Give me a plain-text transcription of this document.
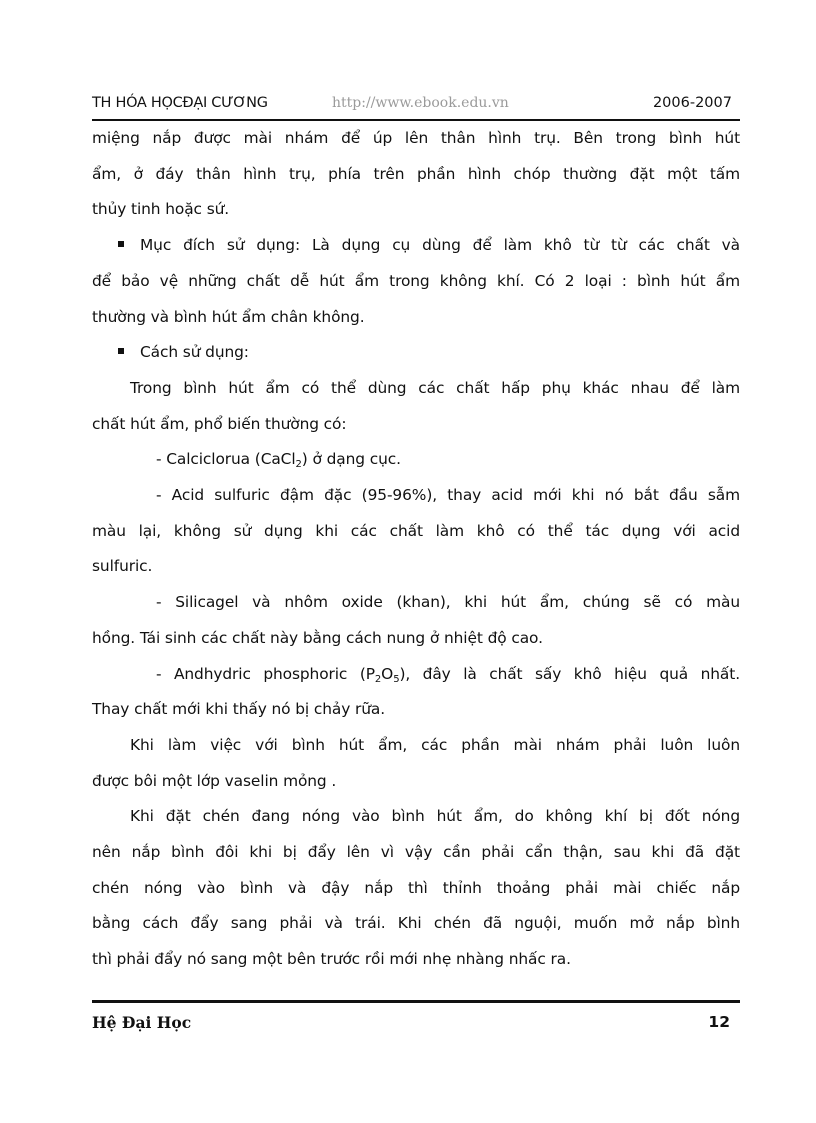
TH HÓA HỌCĐẠI CƯƠNG	http://www.ebook.edu.vn	2006-2007

miệng nắp được mài nhám để úp lên thân hình trụ. Bên trong bình hút
ẩm, ở đáy thân hình trụ, phía trên phần hình chóp thường đặt một tấm
thủy tinh hoặc sứ.

Mục đích sử dụng: Là dụng cụ dùng để làm khô từ từ các chất và
để bảo vệ những chất dễ hút ẩm trong không khí. Có 2 loại : bình hút ẩm
thường và bình hút ẩm chân không.

Cách sử dụng:

Trong bình hút ẩm có thể dùng các chất hấp phụ khác nhau để làm
chất hút ẩm, phổ biến thường có:

- Calciclorua (CaCl$_2$) ở dạng cục.

- Acid sulfuric đậm đặc (95-96%), thay acid mới khi nó bắt đầu sẫm
màu lại, không sử dụng khi các chất làm khô có thể tác dụng với acid
sulfuric.

- Silicagel và nhôm oxide (khan), khi hút ẩm, chúng sẽ có màu
hồng. Tái sinh các chất này bằng cách nung ở nhiệt độ cao.

- Andhydric phosphoric $(P_2O_5)$, đây là chất sấy khô hiệu quả nhất.
Thay chất mới khi thấy nó bị chảy rữa.

Khi làm việc với bình hút ẩm, các phần mài nhám phải luôn luôn
được bôi một lớp vaselin mỏng .

Khi đặt chén đang nóng vào bình hút ẩm, do không khí bị đốt nóng
nên nắp bình đôi khi bị đẩy lên vì vậy cần phải cẩn thận, sau khi đã đặt
chén nóng vào bình và đậy nắp thì thỉnh thoảng phải mài chiếc nắp
bằng cách đẩy sang phải và trái. Khi chén đã nguội, muốn mở nắp bình
thì phải đẩy nó sang một bên trước rồi mới nhẹ nhàng nhấc ra.

Hệ Đại Học	12
